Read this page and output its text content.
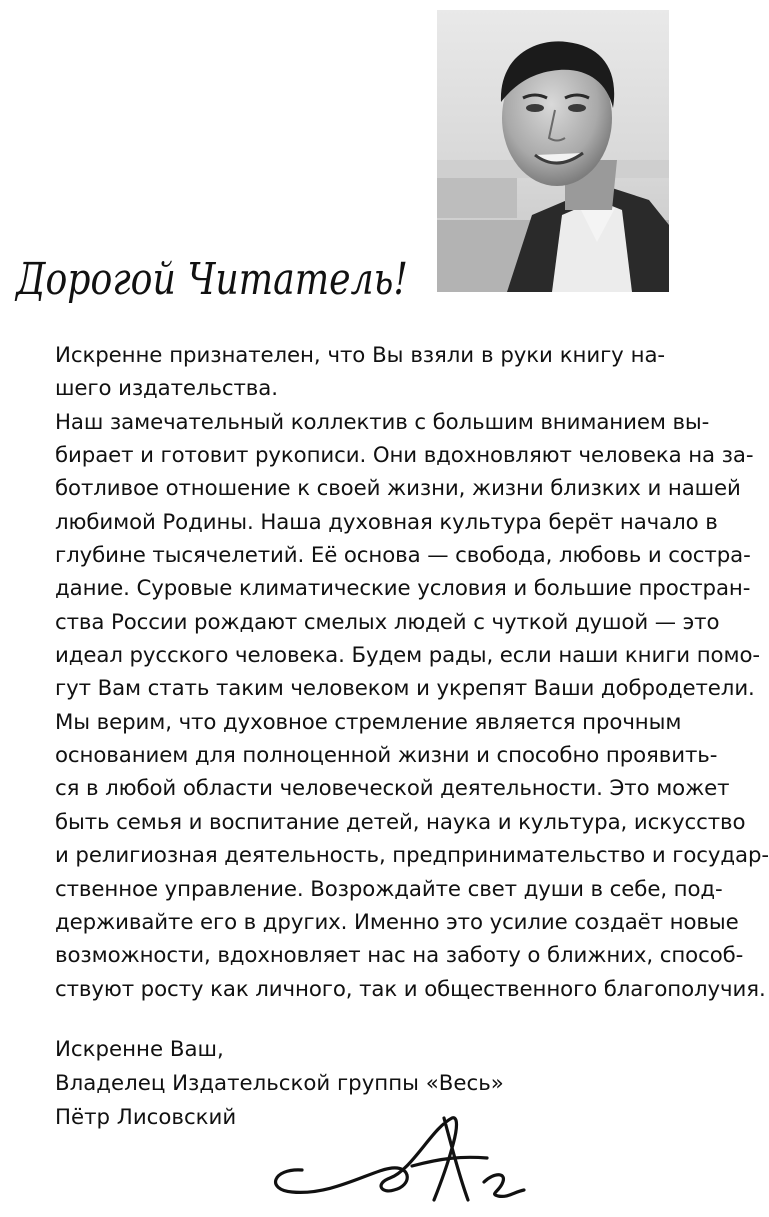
Дорогой Читатель!
Искренне признателен, что Вы взяли в руки книгу на-
шего издательства.
Наш замечательный коллектив с большим вниманием вы-
бирает и готовит рукописи. Они вдохновляют человека на за-
ботливое отношение к своей жизни, жизни близких и нашей
любимой Родины. Наша духовная культура берёт начало в
глубине тысячелетий. Её основа — свобода, любовь и состра-
дание. Суровые климатические условия и большие простран-
ства России рождают смелых людей с чуткой душой — это
идеал русского человека. Будем рады, если наши книги помо-
гут Вам стать таким человеком и укрепят Ваши добродетели.
Мы верим, что духовное стремление является прочным
основанием для полноценной жизни и способно проявить-
ся в любой области человеческой деятельности. Это может
быть семья и воспитание детей, наука и культура, искусство
и религиозная деятельность, предпринимательство и государ-
ственное управление. Возрождайте свет души в себе, под-
держивайте его в других. Именно это усилие создаёт новые
возможности, вдохновляет нас на заботу о ближних, способ-
ствуют росту как личного, так и общественного благополучия.
Искренне Ваш,
Владелец Издательской группы «Весь»
Пётр Лисовский
